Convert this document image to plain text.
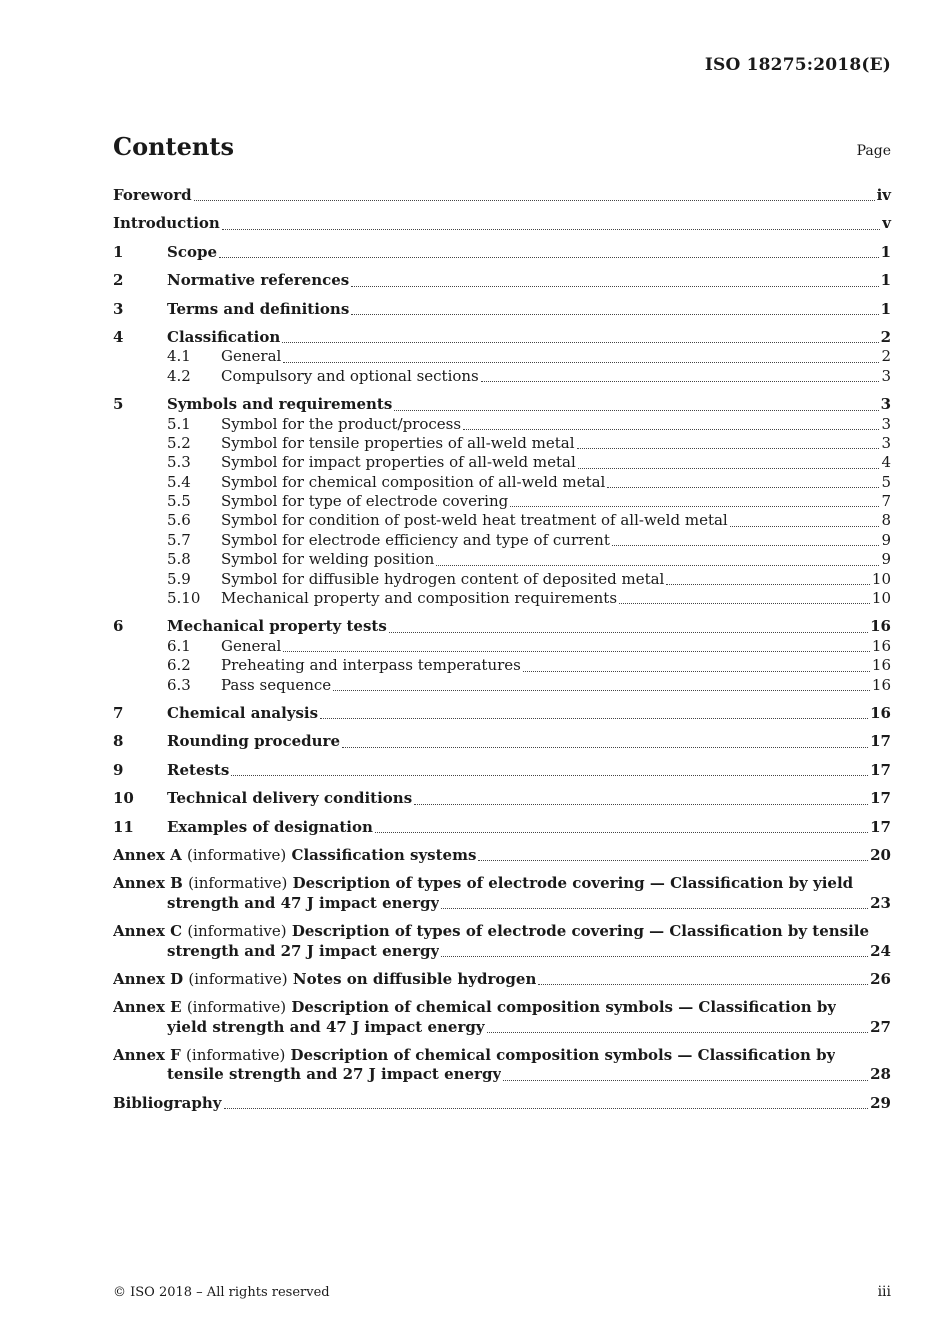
ISO 18275:2018(E)
Contents	Page
Foreword	iv
Introduction	v
1	Scope	1
2	Normative references	1
3	Terms and definitions	1
4	Classification	2
4.1	General	2
4.2	Compulsory and optional sections	3
5	Symbols and requirements	3
5.1	Symbol for the product/process	3
5.2	Symbol for tensile properties of all-weld metal	3
5.3	Symbol for impact properties of all-weld metal	4
5.4	Symbol for chemical composition of all-weld metal	5
5.5	Symbol for type of electrode covering	7
5.6	Symbol for condition of post-weld heat treatment of all-weld metal	8
5.7	Symbol for electrode efficiency and type of current	9
5.8	Symbol for welding position	9
5.9	Symbol for diffusible hydrogen content of deposited metal	10
5.10	Mechanical property and composition requirements	10
6	Mechanical property tests	16
6.1	General	16
6.2	Preheating and interpass temperatures	16
6.3	Pass sequence	16
7	Chemical analysis	16
8	Rounding procedure	17
9	Retests	17
10	Technical delivery conditions	17
11	Examples of designation	17
Annex A (informative) Classification systems	20
Annex B (informative) Description of types of electrode covering — Classification by yield
strength and 47 J impact energy	23
Annex C (informative) Description of types of electrode covering — Classification by tensile
strength and 27 J impact energy	24
Annex D (informative) Notes on diffusible hydrogen	26
Annex E (informative) Description of chemical composition symbols — Classification by
yield strength and 47 J impact energy	27
Annex F (informative) Description of chemical composition symbols — Classification by
tensile strength and 27 J impact energy	28
Bibliography	29
© ISO 2018 – All rights reserved	iii
